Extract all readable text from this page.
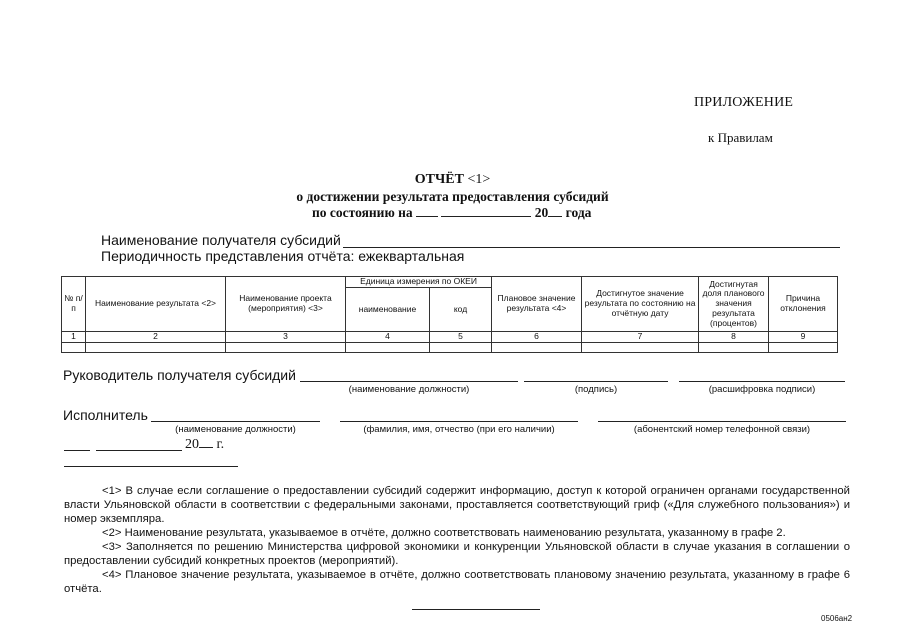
ПРИЛОЖЕНИЕ
к Правилам
ОТЧЁТ <1>
о достижении результата предоставления субсидий
по состоянию на	20 года
Наименование получателя субсидий
Периодичность представления отчёта: ежеквартальная
№ п/п	Наименование результата <2>	Наименование проекта (мероприятия) <3>	Единица измерения по ОКЕИ		Плановое значение результата <4>	Достигнутое значение результата по состоянию на отчётную дату	Достигнутая доля планового значения результата (процентов)	Причина отклонения
			наименование	код				
1	2	3	4	5	6	7	8	9

Руководитель получателя субсидий
(наименование должности)	(подпись)	(расшифровка подписи)
Исполнитель
(наименование должности)	(фамилия, имя, отчество (при его наличии)	(абонентский номер телефонной связи)
20 г.
<1> В случае если соглашение о предоставлении субсидий содержит информацию, доступ к которой ограничен органами государственной власти Ульяновской области в соответствии с федеральными законами, проставляется соответствующий гриф («Для служебного пользования») и номер экземпляра.
<2> Наименование результата, указываемое в отчёте, должно соответствовать наименованию результата, указанному в графе 2.
<3> Заполняется по решению Министерства цифровой экономики и конкуренции Ульяновской области в случае указания в соглашении о предоставлении субсидий конкретных проектов (мероприятий).
<4> Плановое значение результата, указываемое в отчёте, должно соответствовать плановому значению результата, указанному в графе 6 отчёта.
0506ан2
